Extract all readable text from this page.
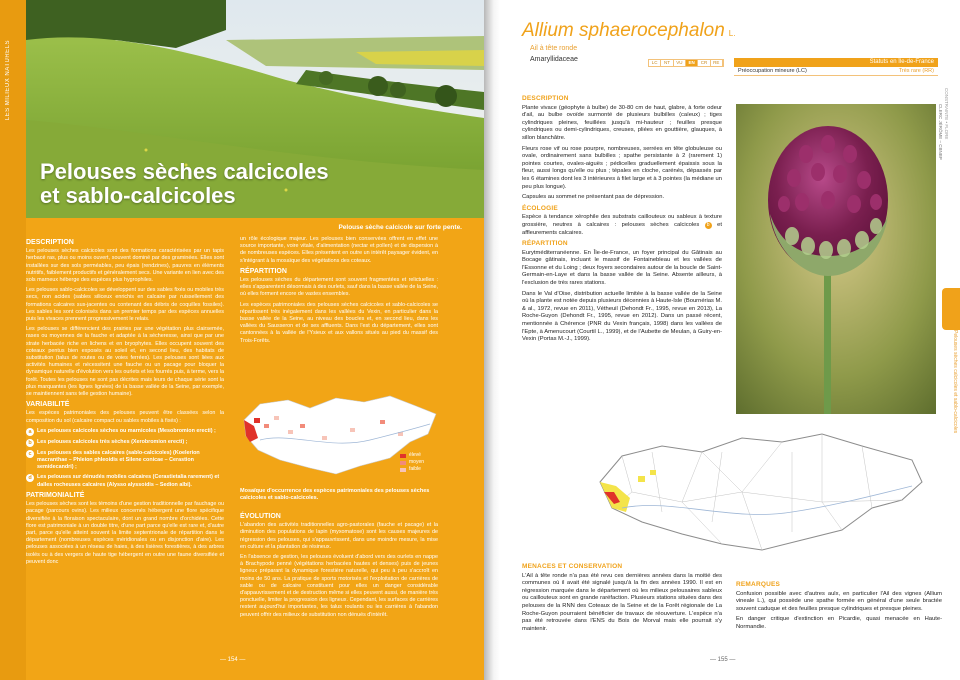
LES MILIEUX NATURELS
Pelouses sèches calcicoles
et sablo-calcicoles
Pelouse sèche calcicole sur forte pente.
DESCRIPTION

Les pelouses sèches calcicoles sont des formations caractérisées par un tapis herbacé ras, plus ou moins ouvert, souvent dominé par des graminées. Elles sont installées sur des sols perméables, peu épais (rendzines), pauvres en éléments nutritifs, faiblement productifs et généralement secs. Une variante en lien avec des sols marneux héberge des espèces plus hygrophiles.

Les pelouses sablo-calcicoles se développent sur des sables fixés ou mobiles très secs, non acides (sables siliceux enrichis en calcaire par ruissellement des formations calcaires sus-jacentes ou contenant des débris de coquilles fossiles). Les sables les sont colonisés dans un premier temps par des espèces annuelles puis les vivaces prennent progressivement le relais.

Les pelouses se différencient des prairies par une végétation plus clairsemée, rases ou moyennes de la fauche et adaptée à la sécheresse, ainsi que par une strate herbacée riche en lichens et en bryophytes. Elles occupent souvent des coteaux pentus bien exposés au soleil et, en second lieu, des habitats de substitution (talus de routes ou de voies ferrées). Les pelouses sont liées aux activités humaines et nécessitent une fauche ou un pacage pour bloquer la dynamique naturelle d'évolution vers les ourlets et les fourrés puis, à terme, vers la forêt. Toutes les pelouses ne sont pas décrites mais leurs de chaque série sont la plus marquantes (les lignes lignées) de la basse vallée de la Seine, par exemple, se maintiennent sans telle gestion humaine).

VARIABILITÉ

Les espèces patrimoniales des pelouses peuvent être classées selon la composition du sol (calcaire compact ou sables mobiles à fixés) :

a	Les pelouses calcicoles sèches ou marnicoles (Mesobromion erecti) ;
b Les pelouses calcicoles très sèches (Xerobromion erecti) ;
c	Les pelouses des sables calcaires (sablo-calcicoles) (Koelerion macranthae – Phleion phleoidis et Silene conicae – Cerastion semidecandri) ;
d Les pelouses sur dénudés mobiles calcaires (Cerastietalia rarement) et dalles rocheuses calcaires (Alysso alyssoidis – Sedion albi).
PATRIMONIALITÉ

Les pelouses sèches sont les témoins d'une gestion traditionnelle par fauchage ou pacage (parcours ovins). Les milieux concernés hébergent une flore spécifique diversifiée à la floraison spectaculaire, dont un grand nombre d'orchidées. Cette flore est patrimoniale à un double titre, d'une part parce qu'elle est rare et, d'autre part, parce qu'elle atteint souvent la limite septentrionale de répartition dans le département (nombreuses espèces méridionales ou en disjonction d'aire). Les pelouses associées à un réseau de haies, à des lisières forestières, à des arbres isolés ou à des vergers de haute tige hébergent en outre une faune diversifiée et peuvent donc

un rôle écologique majeur. Les pelouses bien conservées offrent en effet une source importante, voire vitale, d'alimentation (nectar et pollen) et de dispersion à de nombreuses espèces. Elles présentent en outre un intérêt paysager évident, en s'intégrant à la mosaïque des végétations des coteaux.

RÉPARTITION

Les pelouses sèches du département sont souvent fragmentées et relictuelles : elles s'apparentent désormais à des ourlets, sauf dans la basse vallée de la Seine, où elles forment encore de vastes ensembles.

Les espèces patrimoniales des pelouses sèches calcicoles et sablo-calcicoles se répartissent très inégalement dans les vallées du Vexin, en particulier dans la basse vallée de la Seine, au niveau des boucles et, en second lieu, dans les vallées du Sausseron et de ses affluents. Dans l'est du département, elles sont cantonnées à la vallée de l'Ysieux et aux vallons situés au pied du massif des Trois-Forêts.

élevé
moyen
faible
Mosaïque d'occurrence des espèces patrimoniales des pelouses sèches calcicoles et sablo-calcicoles.
ÉVOLUTION

L'abandon des activités traditionnelles agro-pastorales (fauche et pacage) et la diminution des populations de lapin (myxomatose) sont les causes majeures de régression des pelouses, qui s'appauvrissent, dans une moindre mesure, la mise en culture et la plantation de résineux.

En l'absence de gestion, les pelouses évoluent d'abord vers des ourlets en nappe à Brachypode penné (végétations herbacées hautes et denses) puis de jeunes ligneux préparant la dynamique forestière naturelle, qui peu à peu s'accroît en moins de 50 ans. La pratique de sports motorisés et l'exploitation de carrières de sable ou de calcaire constituent pour elles un danger considérable d'appauvrissement et de destruction même si elles peuvent aussi, de manière très ponctuelle, limiter la progression des ligneux. Cependant, les surfaces de carrières restent aujourd'hui importantes, les talus roulants ou les carrières à l'abandon peuvent offrir des milieux de substitution non dénués d'intérêt.

— 154 —
Allium sphaerocephalon L.
Ail à tête ronde
Amaryllidaceae	LC	NT	VU	EN	CR	RE	Statuts en Île-de-France
Préoccupation mineure (LC)	Très rare (RR)
CONSTRAINTE • FLORE
DESCRIPTION

Plante vivace (géophyte à bulbe) de 30-80 cm de haut, glabre, à forte odeur d'ail, au bulbe ovoïde surmonté de plusieurs bulbilles (caïeux) ; tiges cylindriques pleines, feuillées jusqu'à mi-hauteur ; feuilles presque cylindriques ou demi-cylindriques, creuses, pliées en gouttière, glauques, à sillon blanchâtre.

Fleurs rose vif ou rose pourpre, nombreuses, serrées en tête globuleuse ou ovale, ordinairement sans bulbilles ; spathe persistante à 2 (rarement 1) pointes courtes, ovales-aiguës ; pédicelles graduellement épaissis sous la fleur, aussi longs qu'elle ou plus ; tépales en cloche, carénés, dépassés par les 6 étamines dont les 3 intérieures à filet large et à 3 pointes (la médiane un peu plus longue).

Capsules au sommet ne présentant pas de dépression.

ÉCOLOGIE

Espèce à tendance xérophile des substrats caillouteux ou sableux à texture grossière, neutres à calcaires : pelouses sèches calcicoles b et affleurements calcaires.

RÉPARTITION

Eurytméditerranéenne. En Île-de-France, un foyer principal du Gâtinais au Bocage gâtinais, incluant le massif de Fontainebleau et les vallées de l'Essonne et du Loing ; deux foyers secondaires autour de la boucle de Saint-Germain-en-Laye et dans la basse vallée de la Seine. Absente ailleurs, à l'exclusion de très rares stations.

Dans le Val d'Oise, distribution actuelle limitée à la basse vallée de la Seine où la plante est notée depuis plusieurs décennies à Haute-Isle (Bournérias M. & al., 1972, revue en 2011), Vétheuil (Dehondt Fr., 1995, revue en 2013), La Roche-Guyon (Dehondt Fr., 1995, revue en 2012). Dans un passé récent, mentionnée à Chérence (PNR du Vexin français, 1998) dans les vallées de l'Epte, à Amenucourt (Courtil L., 1999), et de l'Aubette de Meulan, à Guiry-en-Vexin (Portas M.-J., 1999).

CLERC JÉRÔME – CBNBP
MENACES ET CONSERVATION

L'Ail à tête ronde n'a pas été revu ces dernières années dans la moitié des communes où il avait été signalé jusqu'à la fin des années 1990. Il est en régression marquée dans le département où les milieux pelousaires sableux ou caillouteux sont en grande raréfaction. Plusieurs stations situées dans des pelouses de la RNN des Coteaux de la Seine et de la Forêt régionale de La Roche-Guyon pourraient bénéficier de travaux de réouverture. L'espèce n'a pas été retrouvée dans l'ENS du Bois de Morval mais elle pourrait s'y maintenir.

REMARQUES

Confusion possible avec d'autres aulx, en particulier l'Ail des vignes (Allium vineale L.), qui possède une spathe formée en général d'une seule bractée souvent caduque et des feuilles presque cylindriques et presque pleines.

En danger critique d'extinction en Picardie, quasi menacée en Haute-Normandie.

Pelouses sèches calcicoles et sablo-calcicoles
— 155 —
